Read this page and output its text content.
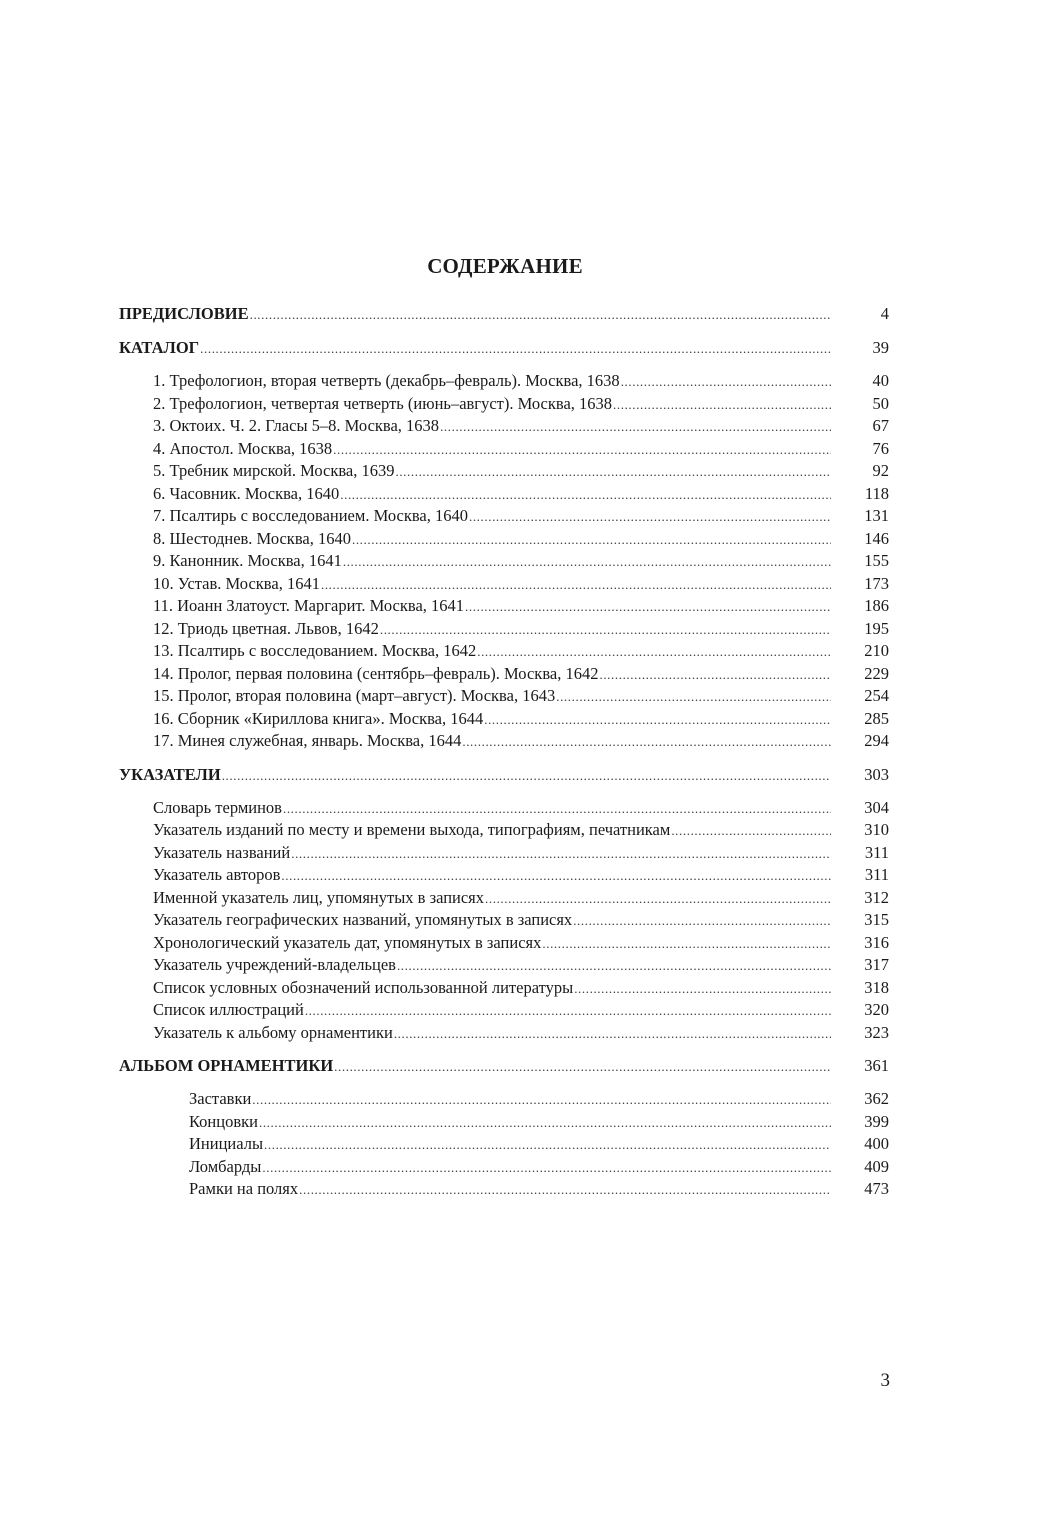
СОДЕРЖАНИЕ
ПРЕДИСЛОВИЕ .....	4
КАТАЛОГ .....	39
1. Трефологион, вторая четверть (декабрь–февраль). Москва, 1638 .....	40
2. Трефологион, четвертая четверть (июнь–август). Москва, 1638 .....	50
3. Октоих. Ч. 2. Гласы 5–8. Москва, 1638 .....	67
4. Апостол. Москва, 1638 .....	76
5. Требник мирской. Москва, 1639 .....	92
6. Часовник. Москва, 1640 .....	118
7. Псалтирь с восследованием. Москва, 1640 .....	131
8. Шестоднев. Москва, 1640 .....	146
9. Канонник. Москва, 1641 .....	155
10. Устав. Москва, 1641 .....	173
11. Иоанн Златоуст. Маргарит. Москва, 1641 .....	186
12. Триодь цветная. Львов, 1642 .....	195
13. Псалтирь с восследованием. Москва, 1642 .....	210
14. Пролог, первая половина (сентябрь–февраль). Москва, 1642 .....	229
15. Пролог, вторая половина (март–август). Москва, 1643 .....	254
16. Сборник «Кириллова книга». Москва, 1644 .....	285
17. Минея служебная, январь. Москва, 1644 .....	294
УКАЗАТЕЛИ .....	303
Словарь терминов .....	304
Указатель изданий по месту и времени выхода, типографиям, печатникам .....	310
Указатель названий .....	311
Указатель авторов .....	311
Именной указатель лиц, упомянутых в записях .....	312
Указатель географических названий, упомянутых в записях .....	315
Хронологический указатель дат, упомянутых в записях .....	316
Указатель учреждений-владельцев .....	317
Список условных обозначений использованной литературы .....	318
Список иллюстраций .....	320
Указатель к альбому орнаментики .....	323
АЛЬБОМ ОРНАМЕНТИКИ .....	361
Заставки .....	362
Концовки .....	399
Инициалы .....	400
Ломбарды .....	409
Рамки на полях .....	473
3
